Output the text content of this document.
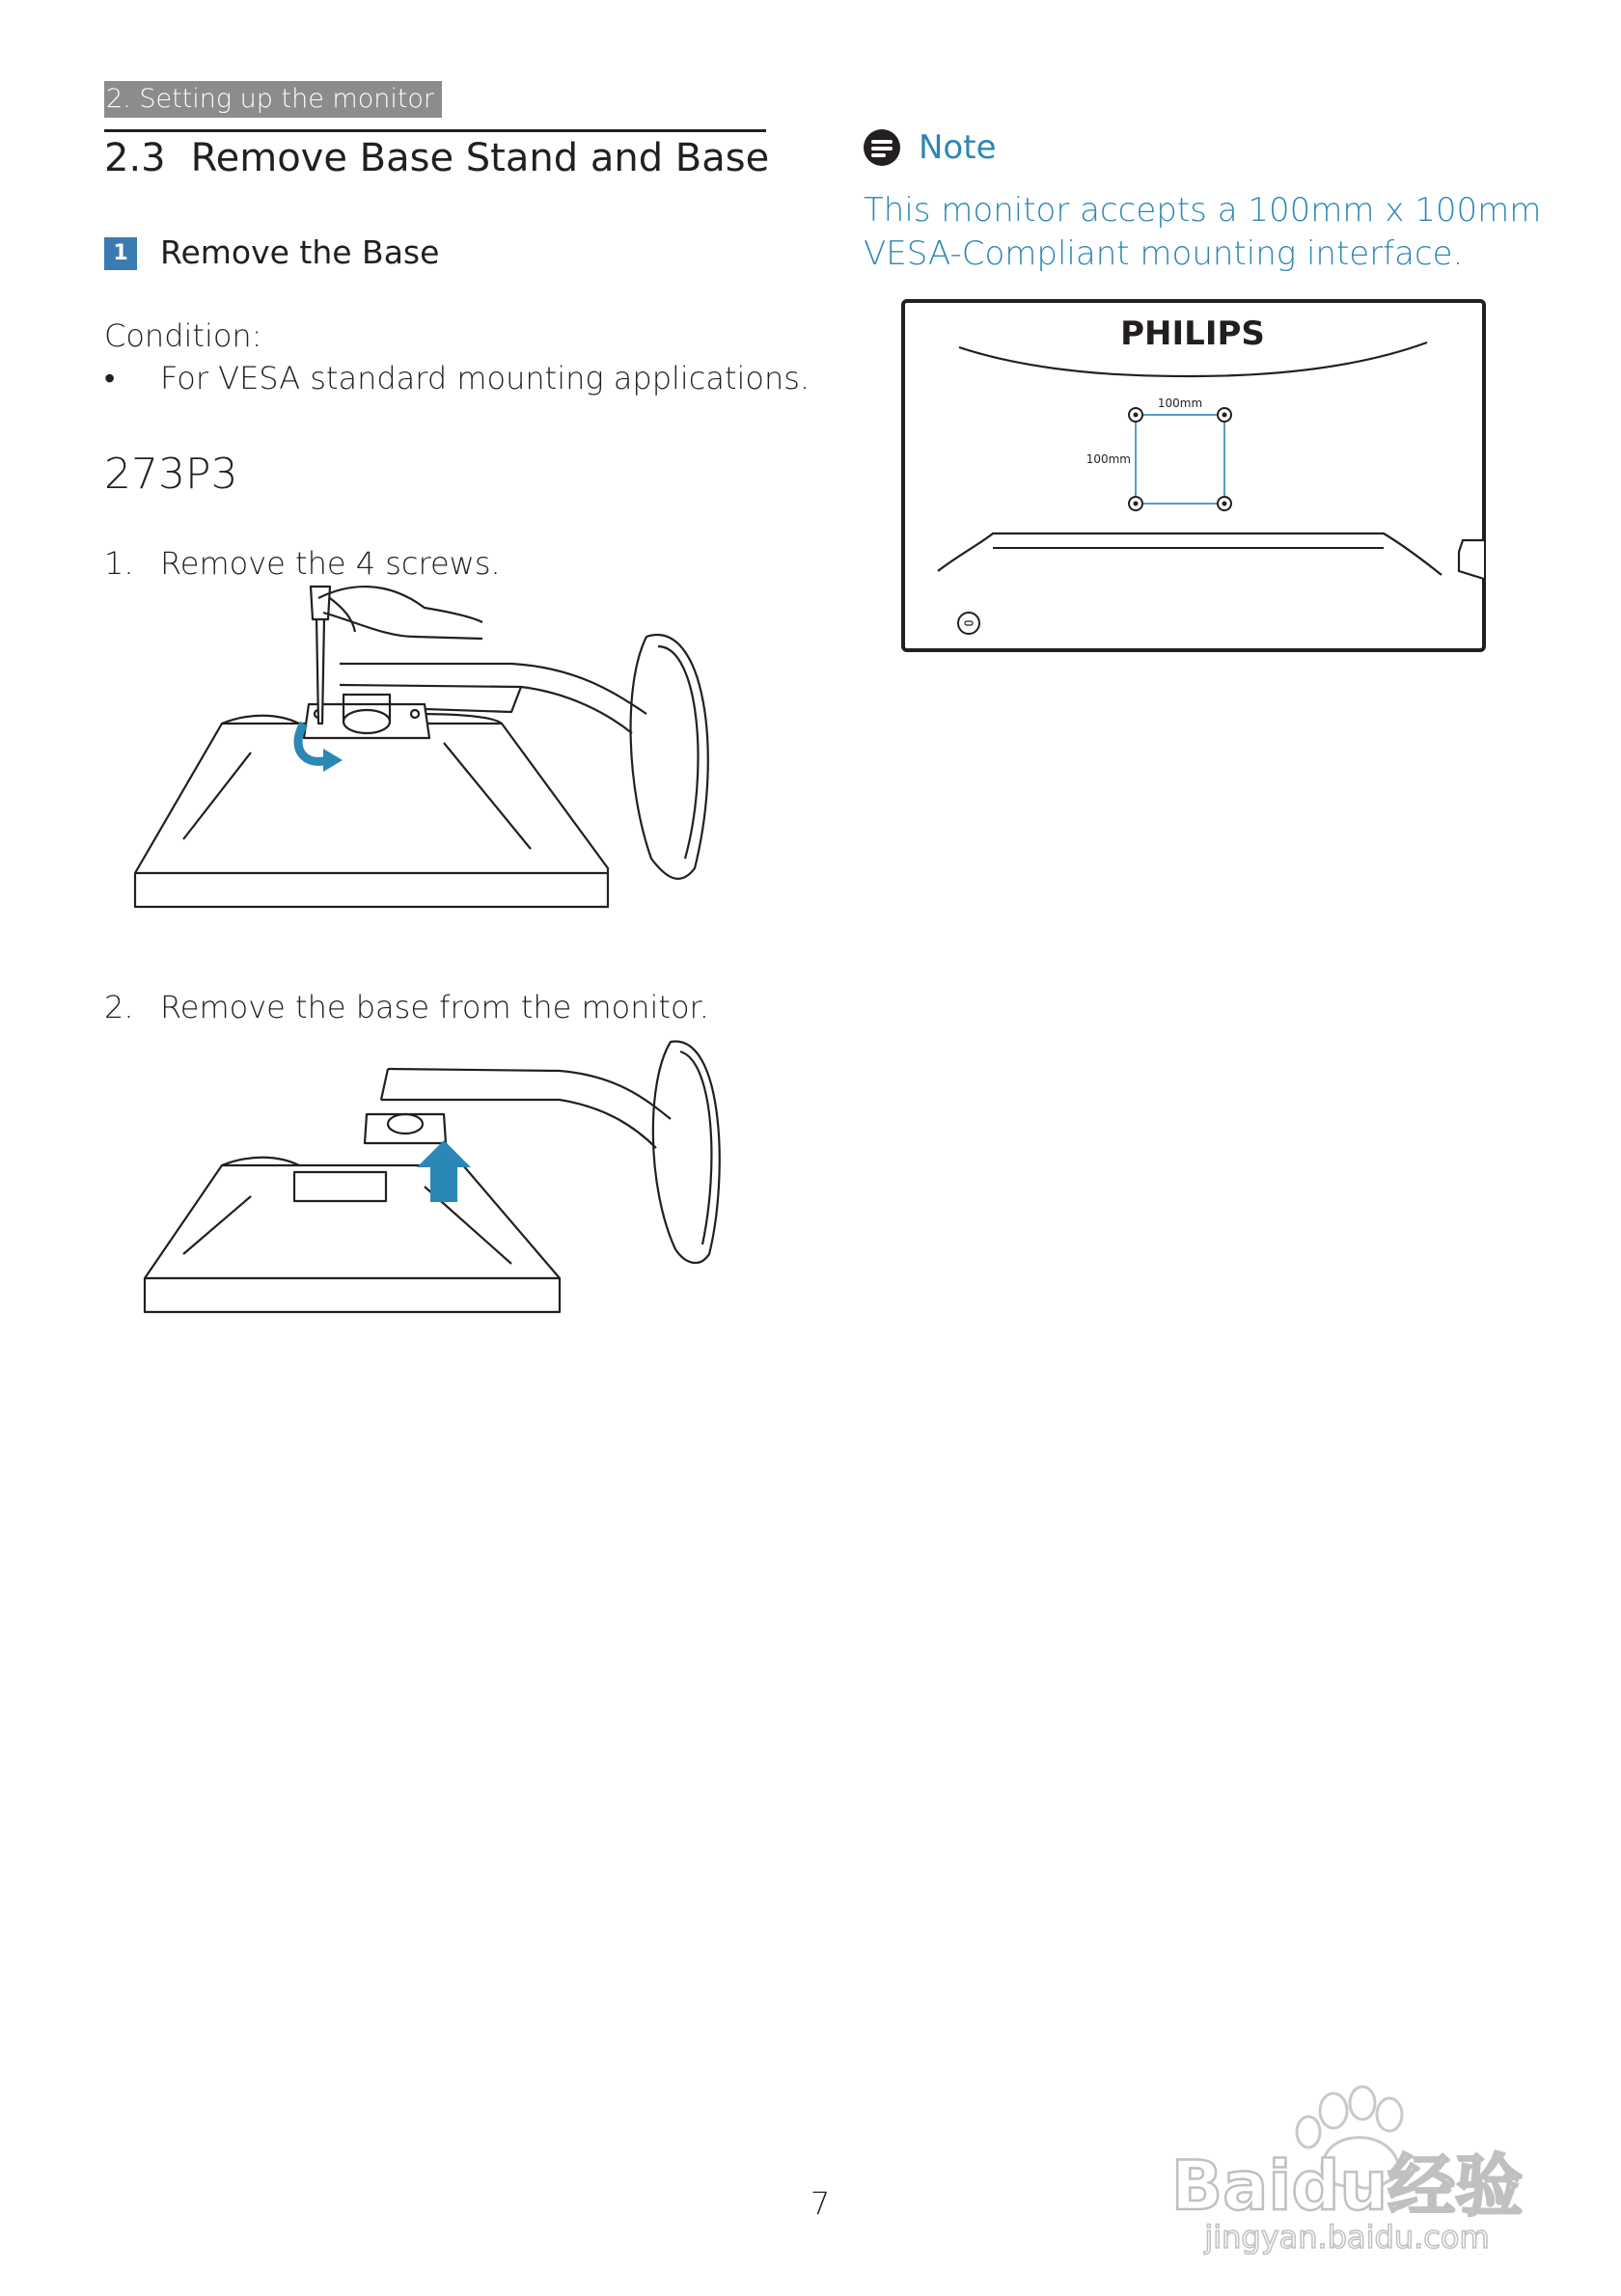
2. Setting up the monitor
2.3 Remove Base Stand and Base
1 Remove the Base
Condition:
• For VESA standard mounting applications.
273P3
1. Remove the 4 screws.
2. Remove the base from the monitor.
Note
This monitor accepts a 100mm x 100mm
VESA-Compliant mounting interface.
PHILIPS
100mm
100mm
7	Baidu经验
jingyan.baidu.com
